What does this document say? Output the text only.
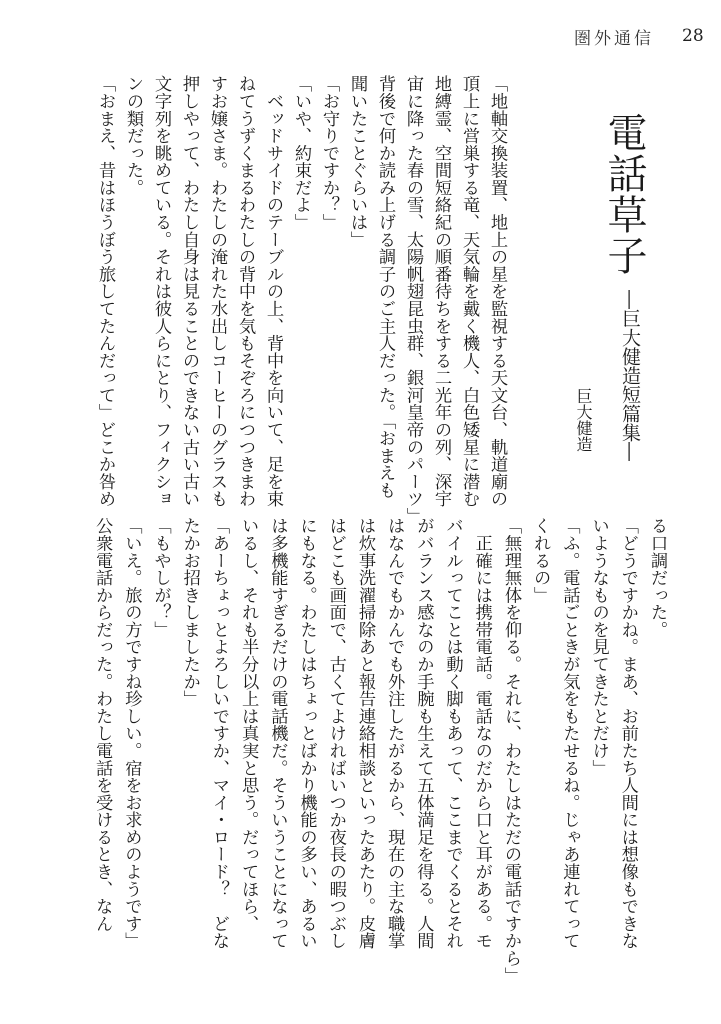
圏外通信 28
電話草子
―巨大健造短篇集―
巨大健造
「地軸交換装置、地上の星を監視する天文台、軌道廟の
頂上に営巣する竜、天気輪を戴く機人、白色矮星に潜む
地縛霊、空間短絡紀の順番待ちをする二光年の列、深宇
宙に降った春の雪、太陽帆翅昆虫群、銀河皇帝のパーツ」
背後で何か読み上げる調子のご主人だった。「おまえも
聞いたことぐらいは」
「お守りですか？」
「いや、約束だよ」
　ベッドサイドのテーブルの上、背中を向いて、足を束
ねてうずくまるわたしの背中を気もそぞろにつつきまわ
すお嬢さま。わたしの淹れた水出しコーヒーのグラスも
押しやって、わたし自身は見ることのできない古い古い
文字列を眺めている。それは彼人らにとり、フィクショ
ンの類だった。
「おまえ、昔はほうぼう旅してたんだって」どこか咎め
る口調だった。
「どうですかね。まあ、お前たち人間には想像もできな
いようなものを見てきたとだけ」
「ふ。電話ごときが気をもたせるね。じゃあ連れてって
くれるの」
「無理無体を仰る。それに、わたしはただの電話ですから」
　正確には携帯電話。電話なのだから口と耳がある。モ
バイルってことは動く脚もあって、ここまでくるとそれ
がバランス感なのか手腕も生えて五体満足を得る。人間
はなんでもかんでも外注したがるから、現在の主な職掌
は炊事洗濯掃除あと報告連絡相談といったあたり。皮膚
はどこも画面で、古くてよければいつか夜長の暇つぶし
にもなる。わたしはちょっとばかり機能の多い、あるい
は多機能すぎるだけの電話機だ。そういうことになって
いるし、それも半分以上は真実と思う。だってほら、
「あーちょっとよろしいですか、マイ・ロード？　どな
たかお招きしましたか」
「もやしが？」
「いえ。旅の方ですね珍しい。宿をお求めのようです」
公衆電話からだった。わたし電話を受けるとき、なん
